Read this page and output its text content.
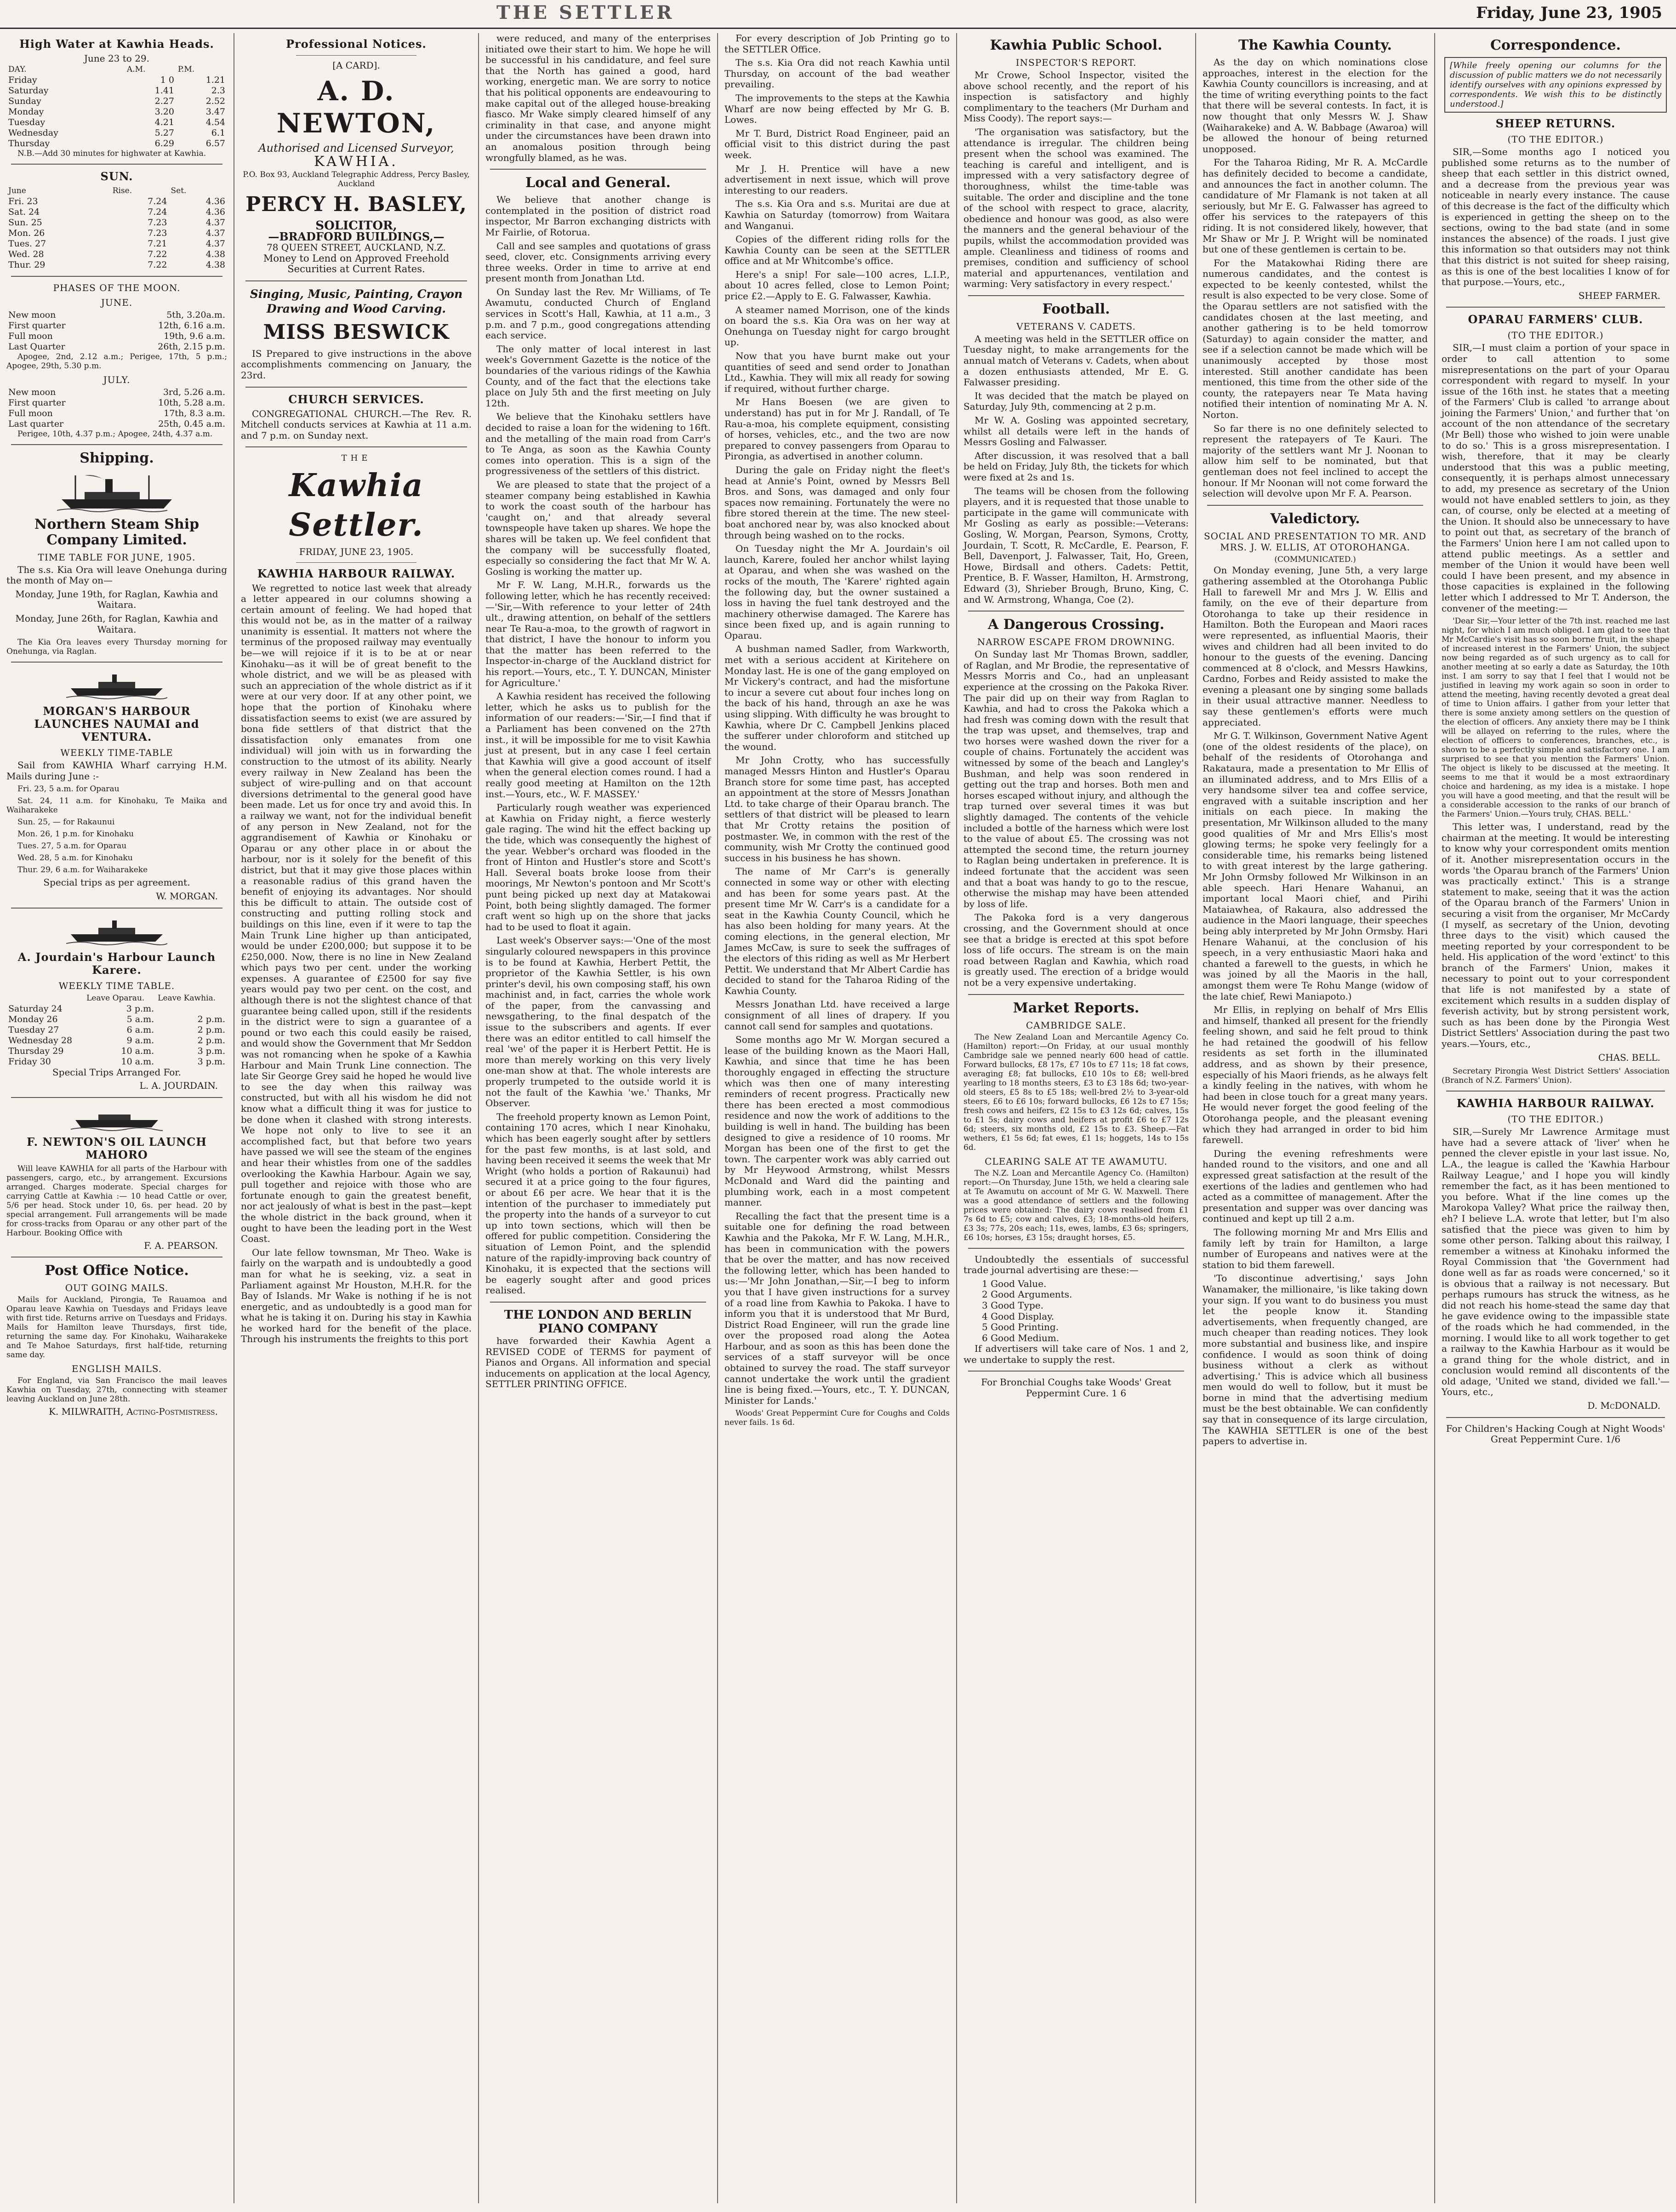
THE SETTLER	Friday, June 23, 1905
High Water at Kawhia Heads.
June 23 to 29.
DAY.	A.M.	P.M.
Friday	1 0	1.21
Saturday	1.41	2.3
Sunday	2.27	2.52
Monday	3.20	3.47
Tuesday	4.21	4.54
Wednesday	5.27	6.1
Thursday	6.29	6.57

N.B.—Add 30 minutes for highwater at Kawhia.

SUN.
June	Rise.	Set.
Fri. 23	7.24	4.36
Sat. 24	7.24	4.36
Sun. 25	7.23	4.37
Mon. 26	7.23	4.37
Tues. 27	7.21	4.37
Wed. 28	7.22	4.38
Thur. 29	7.22	4.38
PHASES OF THE MOON.
JUNE.
New moon	5th, 3.20a.m.
First quarter	12th, 6.16 a.m.
Full moon	19th, 9.6 a.m.
Last Quarter	26th, 2.15 p.m.

Apogee, 2nd, 2.12 a.m.; Perigee, 17th, 5 p.m.; Apogee, 29th, 5.30 p.m.

JULY.
New moon	3rd, 5.26 a.m.
First quarter	10th, 5.28 a.m.
Full moon	17th, 8.3 a.m.
Last quarter	25th, 0.45 a.m.

Perigee, 10th, 4.37 p.m.; Apogee, 24th, 4.37 a.m.

Shipping.
Northern Steam Ship Company Limited.
TIME TABLE FOR JUNE, 1905.

The s.s. Kia Ora will leave Onehunga during the month of May on—

Monday, June 19th, for Raglan, Kawhia and Waitara.

Monday, June 26th, for Raglan, Kawhia and Waitara.

The Kia Ora leaves every Thursday morning for Onehunga, via Raglan.

MORGAN'S HARBOUR LAUNCHES NAUMAI and VENTURA.
WEEKLY TIME-TABLE

Sail from KAWHIA Wharf carrying H.M. Mails during June :-

Fri. 23, 5 a.m. for Oparau

Sat. 24, 11 a.m. for Kinohaku, Te Maika and Waiharakeke

Sun. 25, — for Rakaunui

Mon. 26, 1 p.m. for Kinohaku

Tues. 27, 5 a.m. for Oparau

Wed. 28, 5 a.m. for Kinohaku

Thur. 29, 6 a.m. for Waiharakeke

Special trips as per agreement.

W. MORGAN.
A. Jourdain's Harbour Launch Karere.
WEEKLY TIME TABLE.
	Leave Oparau.	Leave Kawhia.
Saturday 24	3 p.m.	
Monday 26	5 a.m.	2 p.m.
Tuesday 27	6 a.m.	2 p.m.
Wednesday 28	9 a.m.	2 p.m.
Thursday 29	10 a.m.	3 p.m.
Friday 30	10 a.m.	3 p.m.

Special Trips Arranged For.

L. A. JOURDAIN.
F. NEWTON'S OIL LAUNCH MAHORO

Will leave KAWHIA for all parts of the Harbour with passengers, cargo, etc., by arrangement. Excursions arranged. Charges moderate. Special charges for carrying Cattle at Kawhia :— 10 head Cattle or over, 5/6 per head. Stock under 10, 6s. per head. 20 by special arrangement. Full arrangements will be made for cross-tracks from Oparau or any other part of the Harbour. Booking Office with

F. A. PEARSON.
Post Office Notice.
OUT GOING MAILS.

Mails for Auckland, Pirongia, Te Rauamoa and Oparau leave Kawhia on Tuesdays and Fridays leave with first tide. Returns arrive on Tuesdays and Fridays. Mails for Hamilton leave Thursdays, first tide, returning the same day. For Kinohaku, Waiharakeke and Te Mahoe Saturdays, first half-tide, returning same day.

ENGLISH MAILS.

For England, via San Francisco the mail leaves Kawhia on Tuesday, 27th, connecting with steamer leaving Auckland on June 28th.

K. MILWRAITH, Acting-Postmistress.
Professional Notices.
[A CARD].
A. D. NEWTON,
Authorised and Licensed Surveyor,
KAWHIA.

P.O. Box 93, Auckland Telegraphic Address, Percy Basley, Auckland

PERCY H. BASLEY,
SOLICITOR,
—BRADFORD BUILDINGS,—
78 QUEEN STREET, AUCKLAND, N.Z.

Money to Lend on Approved Freehold Securities at Current Rates.

Singing, Music, Painting, Crayon Drawing and Wood Carving.
MISS BESWICK

IS Prepared to give instructions in the above accomplishments commencing on January, the 23rd.

CHURCH SERVICES.

CONGREGATIONAL CHURCH.—The Rev. R. Mitchell conducts services at Kawhia at 11 a.m. and 7 p.m. on Sunday next.

THE
Kawhia Settler.
FRIDAY, JUNE 23, 1905.
KAWHIA HARBOUR RAILWAY.

We regretted to notice last week that already a letter appeared in our columns showing a certain amount of feeling. We had hoped that this would not be, as in the matter of a railway unanimity is essential. It matters not where the terminus of the proposed railway may eventually be—we will rejoice if it is to be at or near Kinohaku—as it will be of great benefit to the whole district, and we will be as pleased with such an appreciation of the whole district as if it were at our very door. If at any other point, we hope that the portion of Kinohaku where dissatisfaction seems to exist (we are assured by bona fide settlers of that district that the dissatisfaction only emanates from one individual) will join with us in forwarding the construction to the utmost of its ability. Nearly every railway in New Zealand has been the subject of wire-pulling and on that account diversions detrimental to the general good have been made. Let us for once try and avoid this. In a railway we want, not for the individual benefit of any person in New Zealand, not for the aggrandisement of Kawhia or Kinohaku or Oparau or any other place in or about the harbour, nor is it solely for the benefit of this district, but that it may give those places within a reasonable radius of this grand haven the benefit of enjoying its advantages. Nor should this be difficult to attain. The outside cost of constructing and putting rolling stock and buildings on this line, even if it were to tap the Main Trunk Line higher up than anticipated, would be under £200,000; but suppose it to be £250,000. Now, there is no line in New Zealand which pays two per cent. under the working expenses. A guarantee of £2500 for say five years would pay two per cent. on the cost, and although there is not the slightest chance of that guarantee being called upon, still if the residents in the district were to sign a guarantee of a pound or two each this could easily be raised, and would show the Government that Mr Seddon was not romancing when he spoke of a Kawhia Harbour and Main Trunk Line connection. The late Sir George Grey said he hoped he would live to see the day when this railway was constructed, but with all his wisdom he did not know what a difficult thing it was for justice to be done when it clashed with strong interests. We hope not only to live to see it an accomplished fact, but that before two years have passed we will see the steam of the engines and hear their whistles from one of the saddles overlooking the Kawhia Harbour. Again we say, pull together and rejoice with those who are fortunate enough to gain the greatest benefit, nor act jealously of what is best in the past—kept the whole district in the back ground, when it ought to have been the leading port in the West Coast.

Our late fellow townsman, Mr Theo. Wake is fairly on the warpath and is undoubtedly a good man for what he is seeking, viz. a seat in Parliament against Mr Houston, M.H.R. for the Bay of Islands. Mr Wake is nothing if he is not energetic, and as undoubtedly is a good man for what he is taking it on. During his stay in Kawhia he worked hard for the benefit of the place. Through his instruments the freights to this port

were reduced, and many of the enterprises initiated owe their start to him. We hope he will be successful in his candidature, and feel sure that the North has gained a good, hard working, energetic man. We are sorry to notice that his political opponents are endeavouring to make capital out of the alleged house-breaking fiasco. Mr Wake simply cleared himself of any criminality in that case, and anyone might under the circumstances have been drawn into an anomalous position through being wrongfully blamed, as he was.

Local and General.

We believe that another change is contemplated in the position of district road inspector, Mr Barron exchanging districts with Mr Fairlie, of Rotorua.

Call and see samples and quotations of grass seed, clover, etc. Consignments arriving every three weeks. Order in time to arrive at end present month from Jonathan Ltd.

On Sunday last the Rev. Mr Williams, of Te Awamutu, conducted Church of England services in Scott's Hall, Kawhia, at 11 a.m., 3 p.m. and 7 p.m., good congregations attending each service.

The only matter of local interest in last week's Government Gazette is the notice of the boundaries of the various ridings of the Kawhia County, and of the fact that the elections take place on July 5th and the first meeting on July 12th.

We believe that the Kinohaku settlers have decided to raise a loan for the widening to 16ft. and the metalling of the main road from Carr's to Te Anga, as soon as the Kawhia County comes into operation. This is a sign of the progressiveness of the settlers of this district.

We are pleased to state that the project of a steamer company being established in Kawhia to work the coast south of the harbour has 'caught on,' and that already several townspeople have taken up shares. We hope the shares will be taken up. We feel confident that the company will be successfully floated, especially so considering the fact that Mr W. A. Gosling is working the matter up.

Mr F. W. Lang, M.H.R., forwards us the following letter, which he has recently received:—'Sir,—With reference to your letter of 24th ult., drawing attention, on behalf of the settlers near Te Rau-a-moa, to the growth of ragwort in that district, I have the honour to inform you that the matter has been referred to the Inspector-in-charge of the Auckland district for his report.—Yours, etc., T. Y. DUNCAN, Minister for Agriculture.'

A Kawhia resident has received the following letter, which he asks us to publish for the information of our readers:—'Sir,—I find that if a Parliament has been convened on the 27th inst., it will be impossible for me to visit Kawhia just at present, but in any case I feel certain that Kawhia will give a good account of itself when the general election comes round. I had a really good meeting at Hamilton on the 12th inst.—Yours, etc., W. F. MASSEY.'

Particularly rough weather was experienced at Kawhia on Friday night, a fierce westerly gale raging. The wind hit the effect backing up the tide, which was consequently the highest of the year. Webber's orchard was flooded in the front of Hinton and Hustler's store and Scott's Hall. Several boats broke loose from their moorings, Mr Newton's pontoon and Mr Scott's punt being picked up next day at Matakowai Point, both being slightly damaged. The former craft went so high up on the shore that jacks had to be used to float it again.

Last week's Observer says:—'One of the most singularly coloured newspapers in this province is to be found at Kawhia, Herbert Pettit, the proprietor of the Kawhia Settler, is his own printer's devil, his own composing staff, his own machinist and, in fact, carries the whole work of the paper, from the canvassing and newsgathering, to the final despatch of the issue to the subscribers and agents. If ever there was an editor entitled to call himself the real 'we' of the paper it is Herbert Pettit. He is more than merely working on this very lively one-man show at that. The whole interests are properly trumpeted to the outside world it is not the fault of the Kawhia 'we.' Thanks, Mr Observer.

The freehold property known as Lemon Point, containing 170 acres, which I near Kinohaku, which has been eagerly sought after by settlers for the past few months, is at last sold, and having been received it seems the week that Mr Wright (who holds a portion of Rakaunui) had secured it at a price going to the four figures, or about £6 per acre. We hear that it is the intention of the purchaser to immediately put the property into the hands of a surveyor to cut up into town sections, which will then be offered for public competition. Considering the situation of Lemon Point, and the splendid nature of the rapidly-improving back country of Kinohaku, it is expected that the sections will be eagerly sought after and good prices realised.

THE LONDON AND BERLIN PIANO COMPANY

have forwarded their Kawhia Agent a REVISED CODE of TERMS for payment of Pianos and Organs. All information and special inducements on application at the local Agency, SETTLER PRINTING OFFICE.

For every description of Job Printing go to the SETTLER Office.

The s.s. Kia Ora did not reach Kawhia until Thursday, on account of the bad weather prevailing.

The improvements to the steps at the Kawhia Wharf are now being effected by Mr G. B. Lowes.

Mr T. Burd, District Road Engineer, paid an official visit to this district during the past week.

Mr J. H. Prentice will have a new advertisement in next issue, which will prove interesting to our readers.

The s.s. Kia Ora and s.s. Muritai are due at Kawhia on Saturday (tomorrow) from Waitara and Wanganui.

Copies of the different riding rolls for the Kawhia County can be seen at the SETTLER office and at Mr Whitcombe's office.

Here's a snip! For sale—100 acres, L.I.P., about 10 acres felled, close to Lemon Point; price £2.—Apply to E. G. Falwasser, Kawhia.

A steamer named Morrison, one of the kinds on board the s.s. Kia Ora was on her way at Onehunga on Tuesday night for cargo brought up.

Now that you have burnt make out your quantities of seed and send order to Jonathan Ltd., Kawhia. They will mix all ready for sowing if required, without further charge.

Mr Hans Boesen (we are given to understand) has put in for Mr J. Randall, of Te Rau-a-moa, his complete equipment, consisting of horses, vehicles, etc., and the two are now prepared to convey passengers from Oparau to Pirongia, as advertised in another column.

During the gale on Friday night the fleet's head at Annie's Point, owned by Messrs Bell Bros. and Sons, was damaged and only four spaces now remaining. Fortunately the were no fibre stored therein at the time. The new steel-boat anchored near by, was also knocked about through being washed on to the rocks.

On Tuesday night the Mr A. Jourdain's oil launch, Karere, fouled her anchor whilst laying at Oparau, and when she was washed on the rocks of the mouth, The 'Karere' righted again the following day, but the owner sustained a loss in having the fuel tank destroyed and the machinery otherwise damaged. The Karere has since been fixed up, and is again running to Oparau.

A bushman named Sadler, from Warkworth, met with a serious accident at Kiritehere on Monday last. He is one of the gang employed on Mr Vickery's contract, and had the misfortune to incur a severe cut about four inches long on the back of his hand, through an axe he was using slipping. With difficulty he was brought to Kawhia, where Dr C. Campbell Jenkins placed the sufferer under chloroform and stitched up the wound.

Mr John Crotty, who has successfully managed Messrs Hinton and Hustler's Oparau Branch store for some time past, has accepted an appointment at the store of Messrs Jonathan Ltd. to take charge of their Oparau branch. The settlers of that district will be pleased to learn that Mr Crotty retains the position of postmaster. We, in common with the rest of the community, wish Mr Crotty the continued good success in his business he has shown.

The name of Mr Carr's is generally connected in some way or other with electing and has been for some years past. At the present time Mr W. Carr's is a candidate for a seat in the Kawhia County Council, which he has also been holding for many years. At the coming elections, in the general election, Mr James McCaw, is sure to seek the suffrages of the electors of this riding as well as Mr Herbert Pettit. We understand that Mr Albert Cardie has decided to stand for the Taharoa Riding of the Kawhia County.

Messrs Jonathan Ltd. have received a large consignment of all lines of drapery. If you cannot call send for samples and quotations.

Some months ago Mr W. Morgan secured a lease of the building known as the Maori Hall, Kawhia, and since that time he has been thoroughly engaged in effecting the structure which was then one of many interesting reminders of recent progress. Practically new there has been erected a most commodious residence and now the work of additions to the building is well in hand. The building has been designed to give a residence of 10 rooms. Mr Morgan has been one of the first to get the town. The carpenter work was ably carried out by Mr Heywood Armstrong, whilst Messrs McDonald and Ward did the painting and plumbing work, each in a most competent manner.

Recalling the fact that the present time is a suitable one for defining the road between Kawhia and the Pakoka, Mr F. W. Lang, M.H.R., has been in communication with the powers that be over the matter, and has now received the following letter, which has been handed to us:—'Mr John Jonathan,—Sir,—I beg to inform you that I have given instructions for a survey of a road line from Kawhia to Pakoka. I have to inform you that it is understood that Mr Burd, District Road Engineer, will run the grade line over the proposed road along the Aotea Harbour, and as soon as this has been done the services of a staff surveyor will be once obtained to survey the road. The staff surveyor cannot undertake the work until the gradient line is being fixed.—Yours, etc., T. Y. DUNCAN, Minister for Lands.'

Woods' Great Peppermint Cure for Coughs and Colds never fails. 1s 6d.

Kawhia Public School.
INSPECTOR'S REPORT.

Mr Crowe, School Inspector, visited the above school recently, and the report of his inspection is satisfactory and highly complimentary to the teachers (Mr Durham and Miss Coody). The report says:—

'The organisation was satisfactory, but the attendance is irregular. The children being present when the school was examined. The teaching is careful and intelligent, and is impressed with a very satisfactory degree of thoroughness, whilst the time-table was suitable. The order and discipline and the tone of the school with respect to grace, alacrity, obedience and honour was good, as also were the manners and the general behaviour of the pupils, whilst the accommodation provided was ample. Cleanliness and tidiness of rooms and premises, condition and sufficiency of school material and appurtenances, ventilation and warming: Very satisfactory in every respect.'

Football.
VETERANS V. CADETS.

A meeting was held in the SETTLER office on Tuesday night, to make arrangements for the annual match of Veterans v. Cadets, when about a dozen enthusiasts attended, Mr E. G. Falwasser presiding.

It was decided that the match be played on Saturday, July 9th, commencing at 2 p.m.

Mr W. A. Gosling was appointed secretary, whilst all details were left in the hands of Messrs Gosling and Falwasser.

After discussion, it was resolved that a ball be held on Friday, July 8th, the tickets for which were fixed at 2s and 1s.

The teams will be chosen from the following players, and it is requested that those unable to participate in the game will communicate with Mr Gosling as early as possible:—Veterans: Gosling, W. Morgan, Pearson, Symons, Crotty, Jourdain, T. Scott, R. McCardle, E. Pearson, F. Bell, Davenport, J. Falwasser, Tait, Ho, Green, Howe, Birdsall and others. Cadets: Pettit, Prentice, B. F. Wasser, Hamilton, H. Armstrong, Edward (3), Shrieber Brough, Bruno, King, C. and W. Armstrong, Whanga, Coe (2).

A Dangerous Crossing.
NARROW ESCAPE FROM DROWNING.

On Sunday last Mr Thomas Brown, saddler, of Raglan, and Mr Brodie, the representative of Messrs Morris and Co., had an unpleasant experience at the crossing on the Pakoka River. The pair did up on their way from Raglan to Kawhia, and had to cross the Pakoka which a had fresh was coming down with the result that the trap was upset, and themselves, trap and two horses were washed down the river for a couple of chains. Fortunately the accident was witnessed by some of the beach and Langley's Bushman, and help was soon rendered in getting out the trap and horses. Both men and horses escaped without injury, and although the trap turned over several times it was but slightly damaged. The contents of the vehicle included a bottle of the harness which were lost to the value of about £5. The crossing was not attempted the second time, the return journey to Raglan being undertaken in preference. It is indeed fortunate that the accident was seen and that a boat was handy to go to the rescue, otherwise the mishap may have been attended by loss of life.

The Pakoka ford is a very dangerous crossing, and the Government should at once see that a bridge is erected at this spot before loss of life occurs. The stream is on the main road between Raglan and Kawhia, which road is greatly used. The erection of a bridge would not be a very expensive undertaking.

Market Reports.
CAMBRIDGE SALE.

The New Zealand Loan and Mercantile Agency Co. (Hamilton) report:—On Friday, at our usual monthly Cambridge sale we penned nearly 600 head of cattle. Forward bullocks, £8 17s, £7 10s to £7 11s; 18 fat cows, averaging £8; fat bullocks, £10 10s to £8; well-bred yearling to 18 months steers, £3 to £3 18s 6d; two-year-old steers, £5 8s to £5 18s; well-bred 2½ to 3-year-old steers, £6 to £6 10s; forward bullocks, £6 12s to £7 15s; fresh cows and heifers, £2 15s to £3 12s 6d; calves, 15s to £1 5s; dairy cows and heifers at profit £6 to £7 12s 6d; steers, six months old, £2 15s to £3. Sheep.—Fat wethers, £1 5s 6d; fat ewes, £1 1s; hoggets, 14s to 15s 6d.

CLEARING SALE AT TE AWAMUTU.

The N.Z. Loan and Mercantile Agency Co. (Hamilton) report:—On Thursday, June 15th, we held a clearing sale at Te Awamutu on account of Mr G. W. Maxwell. There was a good attendance of settlers and the following prices were obtained: The dairy cows realised from £1 7s 6d to £5; cow and calves, £3; 18-months-old heifers, £3 3s; 77s, 20s each; 11s, ewes, lambs, £3 6s; springers, £6 10s; horses, £3 15s; draught horses, £5.

Undoubtedly the essentials of successful trade journal advertising are these:—

1 Good Value.
2 Good Arguments.
3 Good Type.
4 Good Display.
5 Good Printing.
6 Good Medium.

If advertisers will take care of Nos. 1 and 2, we undertake to supply the rest.

For Bronchial Coughs take Woods' Great Peppermint Cure. 1 6

The Kawhia County.

As the day on which nominations close approaches, interest in the election for the Kawhia County councillors is increasing, and at the time of writing everything points to the fact that there will be several contests. In fact, it is now thought that only Messrs W. J. Shaw (Waiharakeke) and A. W. Babbage (Awaroa) will be allowed the honour of being returned unopposed.

For the Taharoa Riding, Mr R. A. McCardle has definitely decided to become a candidate, and announces the fact in another column. The candidature of Mr Flamank is not taken at all seriously, but Mr E. G. Falwasser has agreed to offer his services to the ratepayers of this riding. It is not considered likely, however, that Mr Shaw or Mr J. P. Wright will be nominated but one of these gentlemen is certain to be.

For the Matakowhai Riding there are numerous candidates, and the contest is expected to be keenly contested, whilst the result is also expected to be very close. Some of the Oparau settlers are not satisfied with the candidates chosen at the last meeting, and another gathering is to be held tomorrow (Saturday) to again consider the matter, and see if a selection cannot be made which will be unanimously accepted by those most interested. Still another candidate has been mentioned, this time from the other side of the county, the ratepayers near Te Mata having notified their intention of nominating Mr A. N. Norton.

So far there is no one definitely selected to represent the ratepayers of Te Kauri. The majority of the settlers want Mr J. Noonan to allow him self to be nominated, but that gentleman does not feel inclined to accept the honour. If Mr Noonan will not come forward the selection will devolve upon Mr F. A. Pearson.

Valedictory.
SOCIAL AND PRESENTATION TO MR. AND MRS. J. W. ELLIS, AT OTOROHANGA.
(COMMUNICATED.)

On Monday evening, June 5th, a very large gathering assembled at the Otorohanga Public Hall to farewell Mr and Mrs J. W. Ellis and family, on the eve of their departure from Otorohanga to take up their residence in Hamilton. Both the European and Maori races were represented, as influential Maoris, their wives and children had all been invited to do honour to the guests of the evening. Dancing commenced at 8 o'clock, and Messrs Hawkins, Cardno, Forbes and Reidy assisted to make the evening a pleasant one by singing some ballads in their usual attractive manner. Needless to say these gentlemen's efforts were much appreciated.

Mr G. T. Wilkinson, Government Native Agent (one of the oldest residents of the place), on behalf of the residents of Otorohanga and Rakataura, made a presentation to Mr Ellis of an illuminated address, and to Mrs Ellis of a very handsome silver tea and coffee service, engraved with a suitable inscription and her initials on each piece. In making the presentation, Mr Wilkinson alluded to the many good qualities of Mr and Mrs Ellis's most glowing terms; he spoke very feelingly for a considerable time, his remarks being listened to with great interest by the large gathering. Mr John Ormsby followed Mr Wilkinson in an able speech. Hari Henare Wahanui, an important local Maori chief, and Pirihi Mataiawhea, of Rakaura, also addressed the audience in the Maori language, their speeches being ably interpreted by Mr John Ormsby. Hari Henare Wahanui, at the conclusion of his speech, in a very enthusiastic Maori haka and chanted a farewell to the guests, in which he was joined by all the Maoris in the hall, amongst them were Te Rohu Mange (widow of the late chief, Rewi Maniapoto.)

Mr Ellis, in replying on behalf of Mrs Ellis and himself, thanked all present for the friendly feeling shown, and said he felt proud to think he had retained the goodwill of his fellow residents as set forth in the illuminated address, and as shown by their presence, especially of his Maori friends, as he always felt a kindly feeling in the natives, with whom he had been in close touch for a great many years. He would never forget the good feeling of the Otorohanga people, and the pleasant evening which they had arranged in order to bid him farewell.

During the evening refreshments were handed round to the visitors, and one and all expressed great satisfaction at the result of the exertions of the ladies and gentlemen who had acted as a committee of management. After the presentation and supper was over dancing was continued and kept up till 2 a.m.

The following morning Mr and Mrs Ellis and family left by train for Hamilton, a large number of Europeans and natives were at the station to bid them farewell.

'To discontinue advertising,' says John Wanamaker, the millionaire, 'is like taking down your sign. If you want to do business you must let the people know it. Standing advertisements, when frequently changed, are much cheaper than reading notices. They look more substantial and business like, and inspire confidence. I would as soon think of doing business without a clerk as without advertising.' This is advice which all business men would do well to follow, but it must be borne in mind that the advertising medium must be the best obtainable. We can confidently say that in consequence of its large circulation, The KAWHIA SETTLER is one of the best papers to advertise in.

Correspondence.
[While freely opening our columns for the discussion of public matters we do not necessarily identify ourselves with any opinions expressed by correspondents. We wish this to be distinctly understood.]
SHEEP RETURNS.
(TO THE EDITOR.)

SIR,—Some months ago I noticed you published some returns as to the number of sheep that each settler in this district owned, and a decrease from the previous year was noticeable in nearly every instance. The cause of this decrease is the fact of the difficulty which is experienced in getting the sheep on to the sections, owing to the bad state (and in some instances the absence) of the roads. I just give this information so that outsiders may not think that this district is not suited for sheep raising, as this is one of the best localities I know of for that purpose.—Yours, etc.,

SHEEP FARMER.
OPARAU FARMERS' CLUB.
(TO THE EDITOR.)

SIR,—I must claim a portion of your space in order to call attention to some misrepresentations on the part of your Oparau correspondent with regard to myself. In your issue of the 16th inst. he states that a meeting of the Farmers' Club is called 'to arrange about joining the Farmers' Union,' and further that 'on account of the non attendance of the secretary (Mr Bell) those who wished to join were unable to do so.' This is a gross misrepresentation. I wish, therefore, that it may be clearly understood that this was a public meeting, consequently, it is perhaps almost unnecessary to add, my presence as secretary of the Union would not have enabled settlers to join, as they can, of course, only be elected at a meeting of the Union. It should also be unnecessary to have to point out that, as secretary of the branch of the Farmers' Union here I am not called upon to attend public meetings. As a settler and member of the Union it would have been well could I have been present, and my absence in those capacities is explained in the following letter which I addressed to Mr T. Anderson, the convener of the meeting:—

'Dear Sir,—Your letter of the 7th inst. reached me last night, for which I am much obliged. I am glad to see that Mr McCardie's visit has so soon borne fruit, in the shape of increased interest in the Farmers' Union, the subject now being regarded as of such urgency as to call for another meeting at so early a date as Saturday, the 10th inst. I am sorry to say that I feel that I would not be justified in leaving my work again so soon in order to attend the meeting, having recently devoted a great deal of time to Union affairs. I gather from your letter that there is some anxiety among settlers on the question of the election of officers. Any anxiety there may be I think will be allayed on referring to the rules, where the election of officers to conferences, branches, etc., is shown to be a perfectly simple and satisfactory one. I am surprised to see that you mention the Farmers' Union. The object is likely to be discussed at the meeting. It seems to me that it would be a most extraordinary choice and hardening, as my idea is a mistake. I hope you will have a good meeting, and that the result will be a considerable accession to the ranks of our branch of the Farmers' Union.—Yours truly, CHAS. BELL.'

This letter was, I understand, read by the chairman at the meeting. It would be interesting to know why your correspondent omits mention of it. Another misrepresentation occurs in the words 'the Oparau branch of the Farmers' Union was practically extinct.' This is a strange statement to make, seeing that it was the action of the Oparau branch of the Farmers' Union in securing a visit from the organiser, Mr McCardy (I myself, as secretary of the Union, devoting three days to the visit) which caused the meeting reported by your correspondent to be held. His application of the word 'extinct' to this branch of the Farmers' Union, makes it necessary to point out to your correspondent that life is not manifested by a state of excitement which results in a sudden display of feverish activity, but by strong persistent work, such as has been done by the Pirongia West District Settlers' Association during the past two years.—Yours, etc.,

CHAS. BELL.

Secretary Pirongia West District Settlers' Association (Branch of N.Z. Farmers' Union).

KAWHIA HARBOUR RAILWAY.
(TO THE EDITOR.)

SIR,—Surely Mr Lawrence Armitage must have had a severe attack of 'liver' when he penned the clever epistle in your last issue. No, L.A., the league is called the 'Kawhia Harbour Railway League,' and I hope you will kindly remember the fact, as it has been mentioned to you before. What if the line comes up the Marokopa Valley? What price the railway then, eh? I believe L.A. wrote that letter, but I'm also satisfied that the piece was given to him by some other person. Talking about this railway, I remember a witness at Kinohaku informed the Royal Commission that 'the Government had done well as far as roads were concerned,' so it is obvious that a railway is not necessary. But perhaps rumours has struck the witness, as he did not reach his home-stead the same day that he gave evidence owing to the impassible state of the roads which he had commended, in the morning. I would like to all work together to get a railway to the Kawhia Harbour as it would be a grand thing for the whole district, and in conclusion would remind all discontents of the old adage, 'United we stand, divided we fall.'—Yours, etc.,

D. McDONALD.

For Children's Hacking Cough at Night Woods' Great Peppermint Cure. 1/6
